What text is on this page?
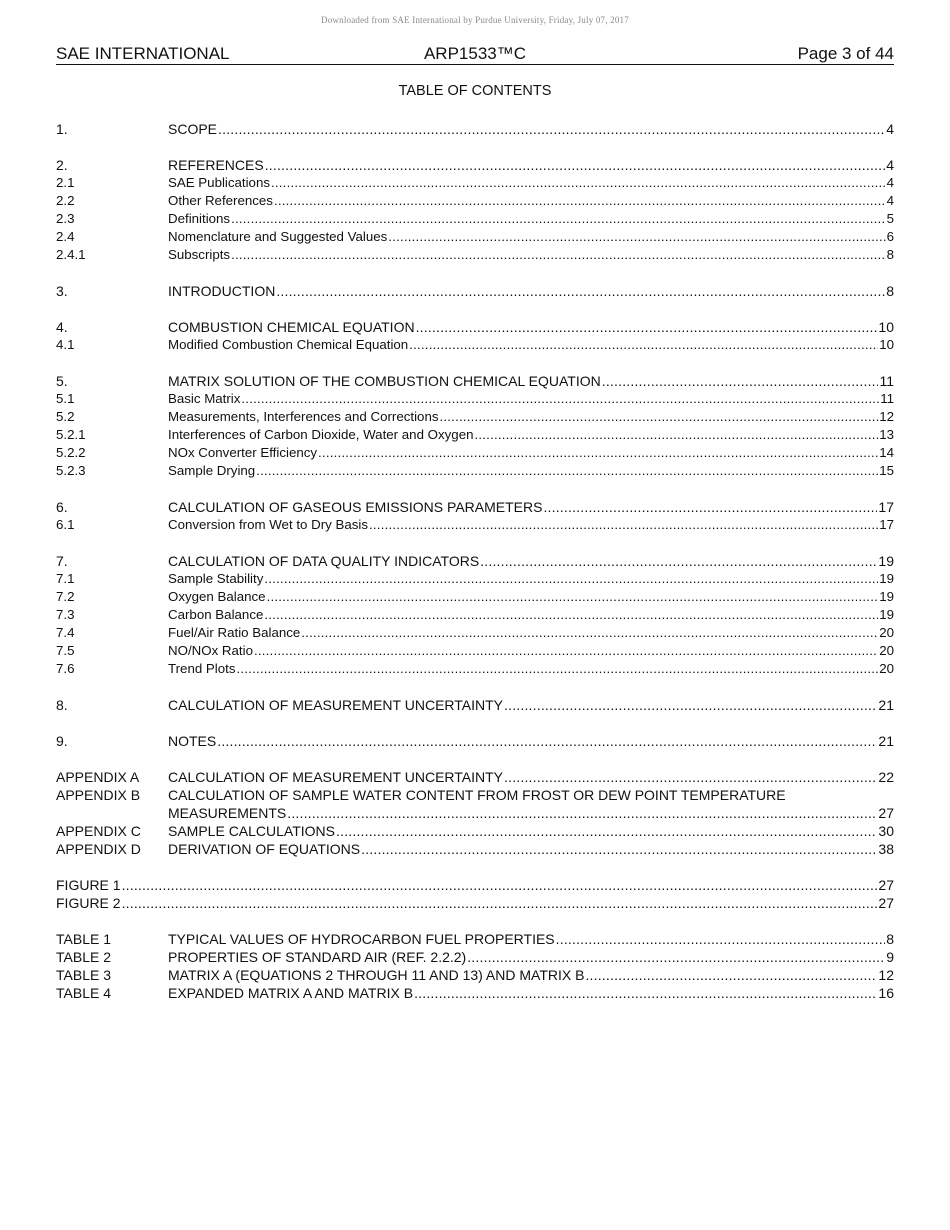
Downloaded from SAE International by Purdue University, Friday, July 07, 2017
SAE INTERNATIONAL	ARP1533™C	Page 3 of 44
TABLE OF CONTENTS
1.	SCOPE .....	4
2.	REFERENCES .....	4
2.1	SAE Publications .....	4
2.2	Other References .....	4
2.3	Definitions .....	5
2.4	Nomenclature and Suggested Values .....	6
2.4.1	Subscripts .....	8
3.	INTRODUCTION .....	8
4.	COMBUSTION CHEMICAL EQUATION .....	10
4.1	Modified Combustion Chemical Equation .....	10
5.	MATRIX SOLUTION OF THE COMBUSTION CHEMICAL EQUATION .....	11
5.1	Basic Matrix .....	11
5.2	Measurements, Interferences and Corrections .....	12
5.2.1	Interferences of Carbon Dioxide, Water and Oxygen .....	13
5.2.2	NOx Converter Efficiency .....	14
5.2.3	Sample Drying .....	15
6.	CALCULATION OF GASEOUS EMISSIONS PARAMETERS .....	17
6.1	Conversion from Wet to Dry Basis .....	17
7.	CALCULATION OF DATA QUALITY INDICATORS .....	19
7.1	Sample Stability .....	19
7.2	Oxygen Balance .....	19
7.3	Carbon Balance .....	19
7.4	Fuel/Air Ratio Balance .....	20
7.5	NO/NOx Ratio .....	20
7.6	Trend Plots .....	20
8.	CALCULATION OF MEASUREMENT UNCERTAINTY .....	21
9.	NOTES .....	21
APPENDIX A CALCULATION OF MEASUREMENT UNCERTAINTY .....	22
APPENDIX B CALCULATION OF SAMPLE WATER CONTENT FROM FROST OR DEW POINT TEMPERATURE
MEASUREMENTS .....	27
APPENDIX C SAMPLE CALCULATIONS .....	30
APPENDIX D DERIVATION OF EQUATIONS .....	38
FIGURE 1 .....	27
FIGURE 2 .....	27
TABLE 1	TYPICAL VALUES OF HYDROCARBON FUEL PROPERTIES .....	8
TABLE 2	PROPERTIES OF STANDARD AIR (REF. 2.2.2) .....	9
TABLE 3	MATRIX A (EQUATIONS 2 THROUGH 11 AND 13) AND MATRIX B .....	12
TABLE 4	EXPANDED MATRIX A AND MATRIX B .....	16
